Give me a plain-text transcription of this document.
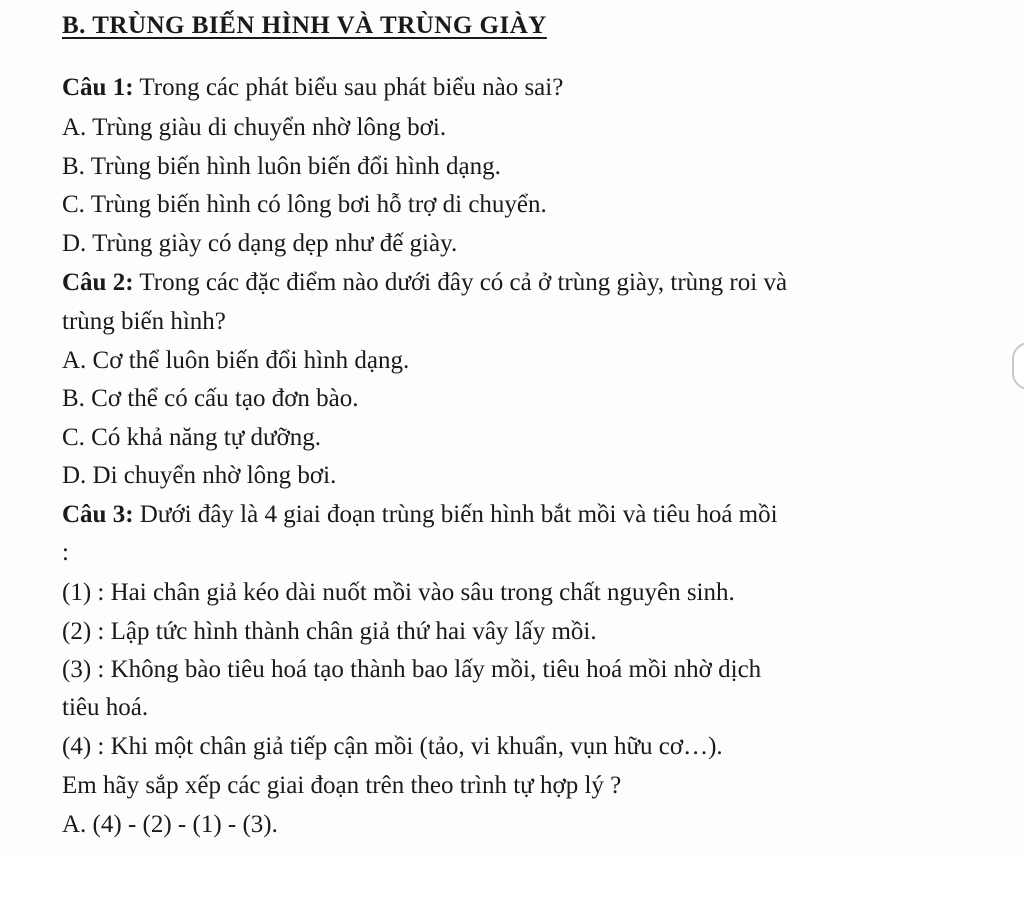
B. TRÙNG BIẾN HÌNH VÀ TRÙNG GIÀY
Câu 1: Trong các phát biểu sau phát biểu nào sai?
A. Trùng giàu di chuyển nhờ lông bơi.
B. Trùng biến hình luôn biến đổi hình dạng.
C. Trùng biến hình có lông bơi hỗ trợ di chuyển.
D. Trùng giày có dạng dẹp như đế giày.
Câu 2: Trong các đặc điểm nào dưới đây có cả ở trùng giày, trùng roi và
trùng biến hình?
A. Cơ thể luôn biến đổi hình dạng.
B. Cơ thể có cấu tạo đơn bào.
C. Có khả năng tự dưỡng.
D. Di chuyển nhờ lông bơi.
Câu 3: Dưới đây là 4 giai đoạn trùng biến hình bắt mồi và tiêu hoá mồi
:
(1) : Hai chân giả kéo dài nuốt mồi vào sâu trong chất nguyên sinh.
(2) : Lập tức hình thành chân giả thứ hai vây lấy mồi.
(3) : Không bào tiêu hoá tạo thành bao lấy mồi, tiêu hoá mồi nhờ dịch
tiêu hoá.
(4) : Khi một chân giả tiếp cận mồi (tảo, vi khuẩn, vụn hữu cơ…).
Em hãy sắp xếp các giai đoạn trên theo trình tự hợp lý ?
A. (4) - (2) - (1) - (3).
